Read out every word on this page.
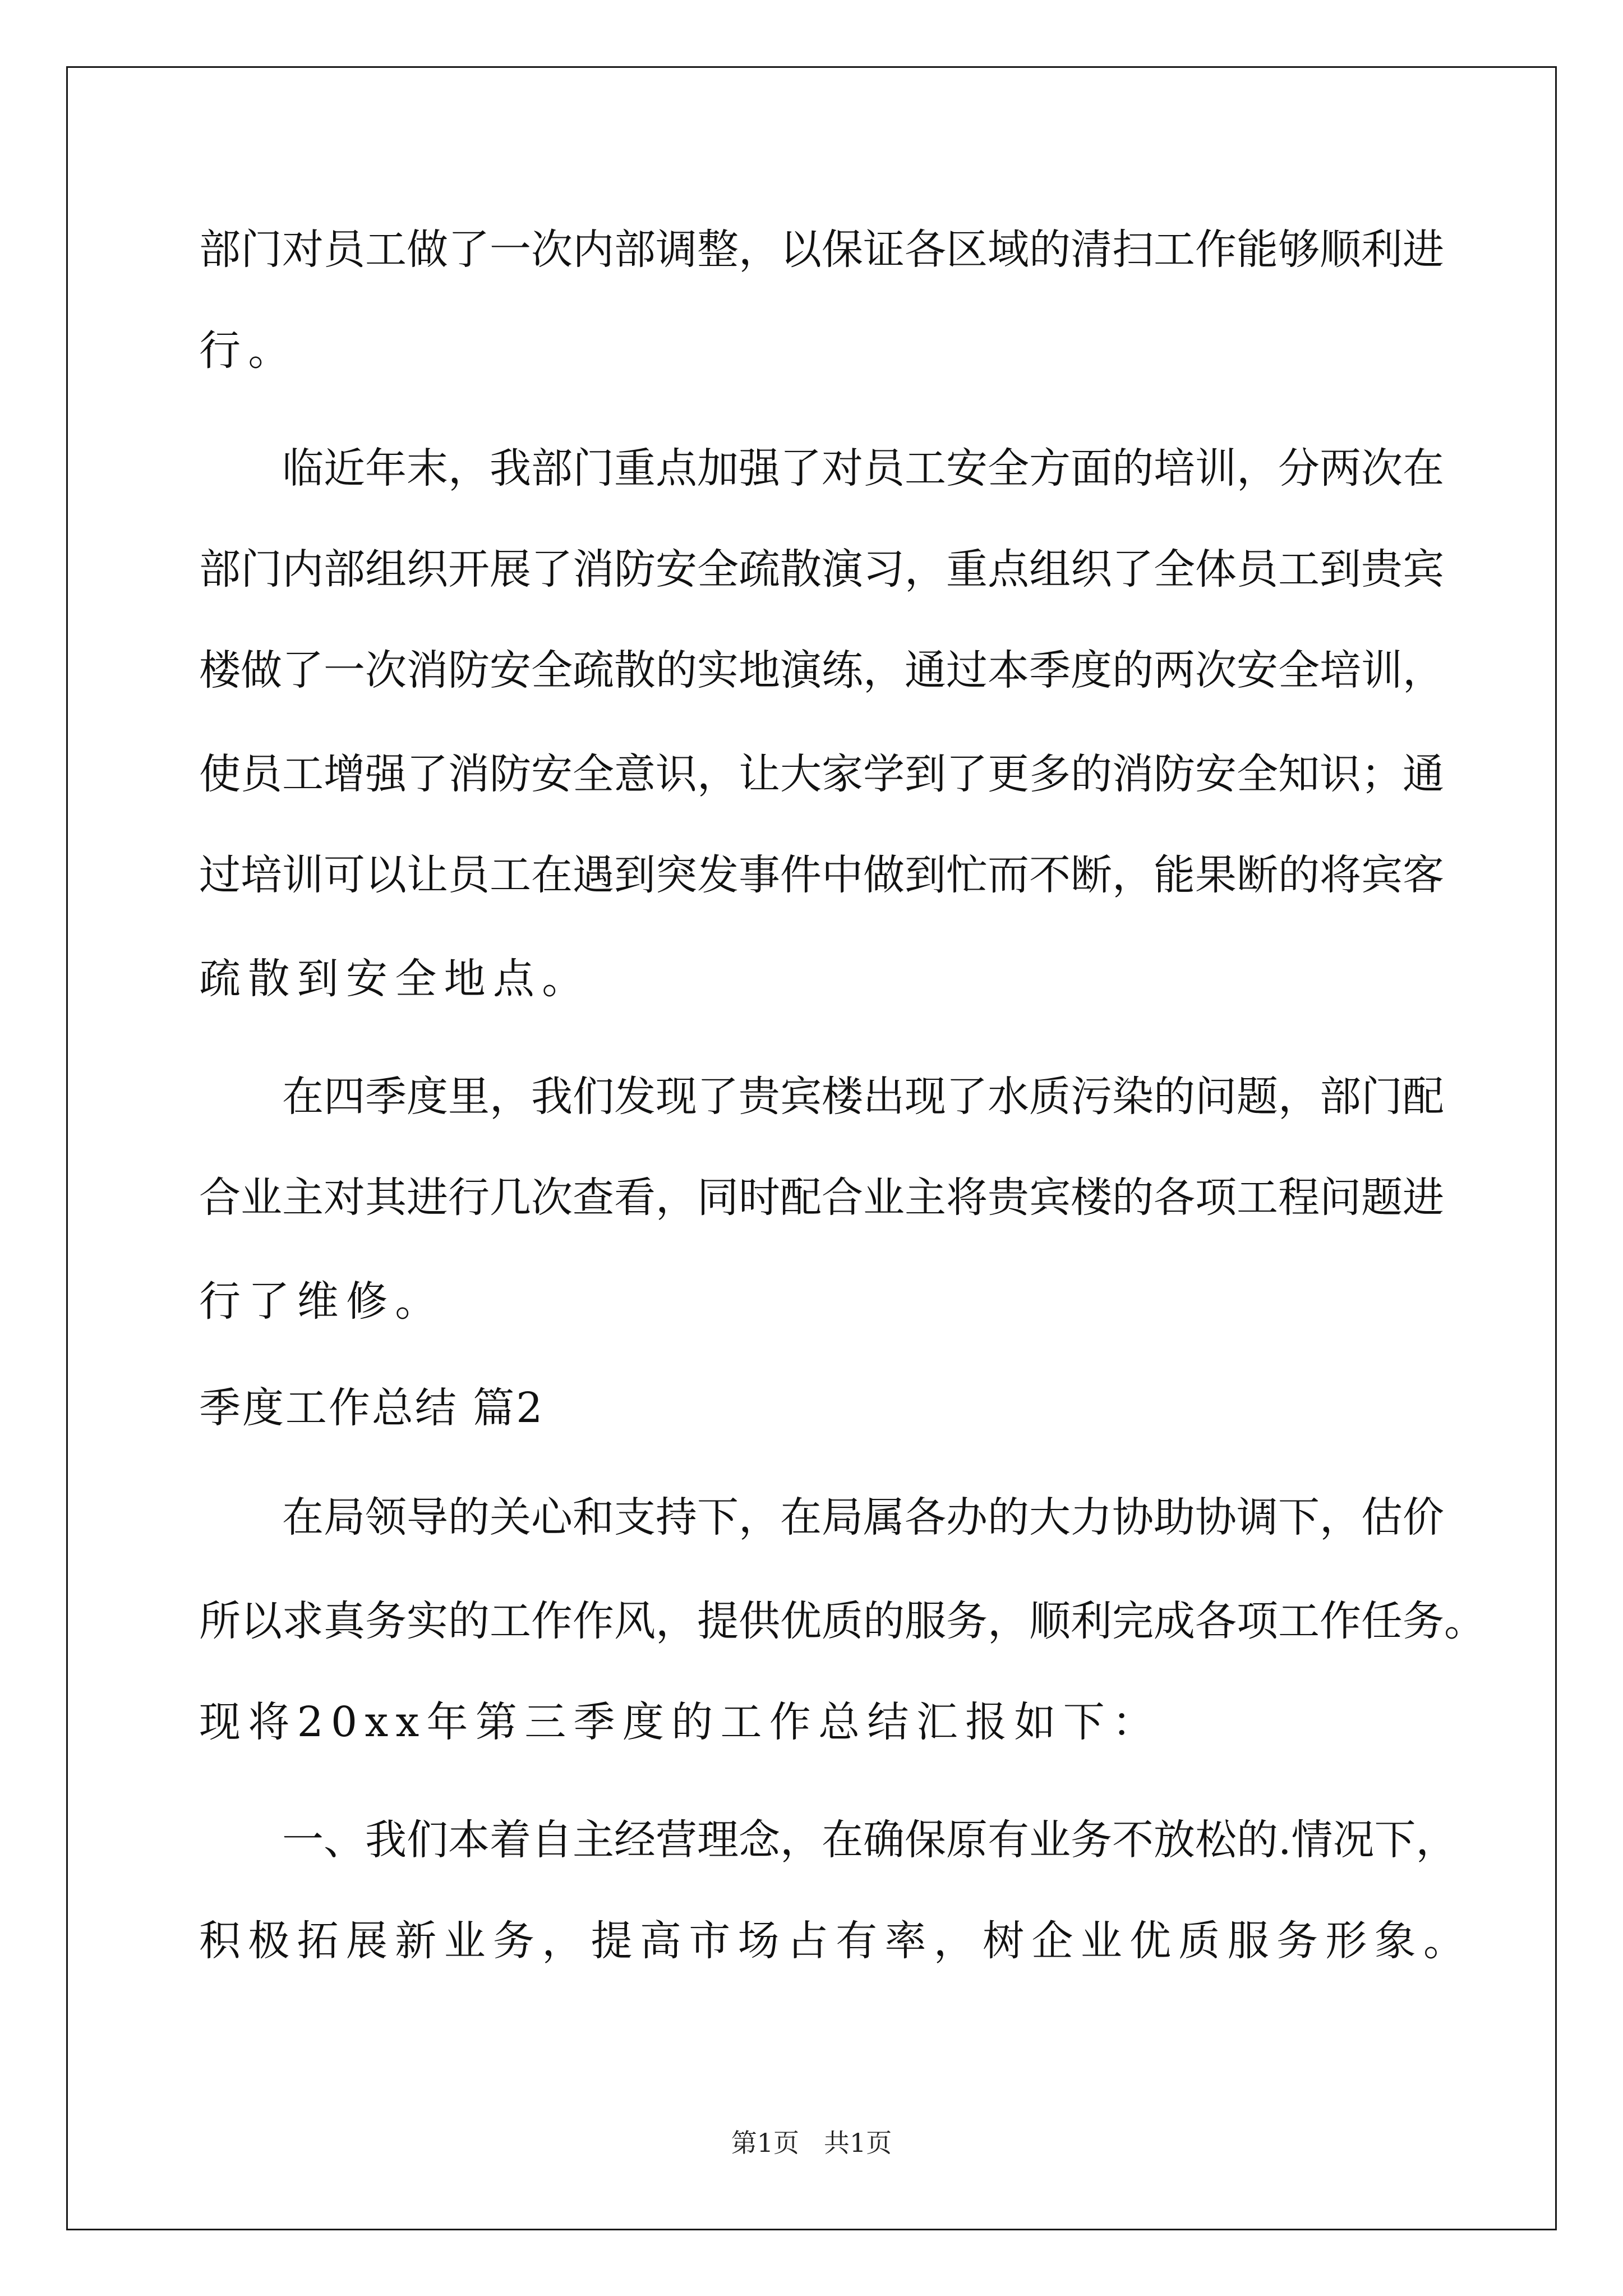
部门对员工做了一次内部调整，以保证各区域的清扫工作能够顺利进
行。
临近年末，我部门重点加强了对员工安全方面的培训，分两次在
部门内部组织开展了消防安全疏散演习，重点组织了全体员工到贵宾
楼做了一次消防安全疏散的实地演练，通过本季度的两次安全培训，
使员工增强了消防安全意识，让大家学到了更多的消防安全知识；通
过培训可以让员工在遇到突发事件中做到忙而不断，能果断的将宾客
疏散到安全地点。
在四季度里，我们发现了贵宾楼出现了水质污染的问题，部门配
合业主对其进行几次查看，同时配合业主将贵宾楼的各项工程问题进
行了维修。
季度工作总结 篇2
在局领导的关心和支持下，在局属各办的大力协助协调下，估价
所以求真务实的工作作风，提供优质的服务，顺利完成各项工作任务。
现将20xx年第三季度的工作总结汇报如下：
一、我们本着自主经营理念，在确保原有业务不放松的.情况下，
积极拓展新业务，提高市场占有率，树企业优质服务形象。
第1页 共1页
